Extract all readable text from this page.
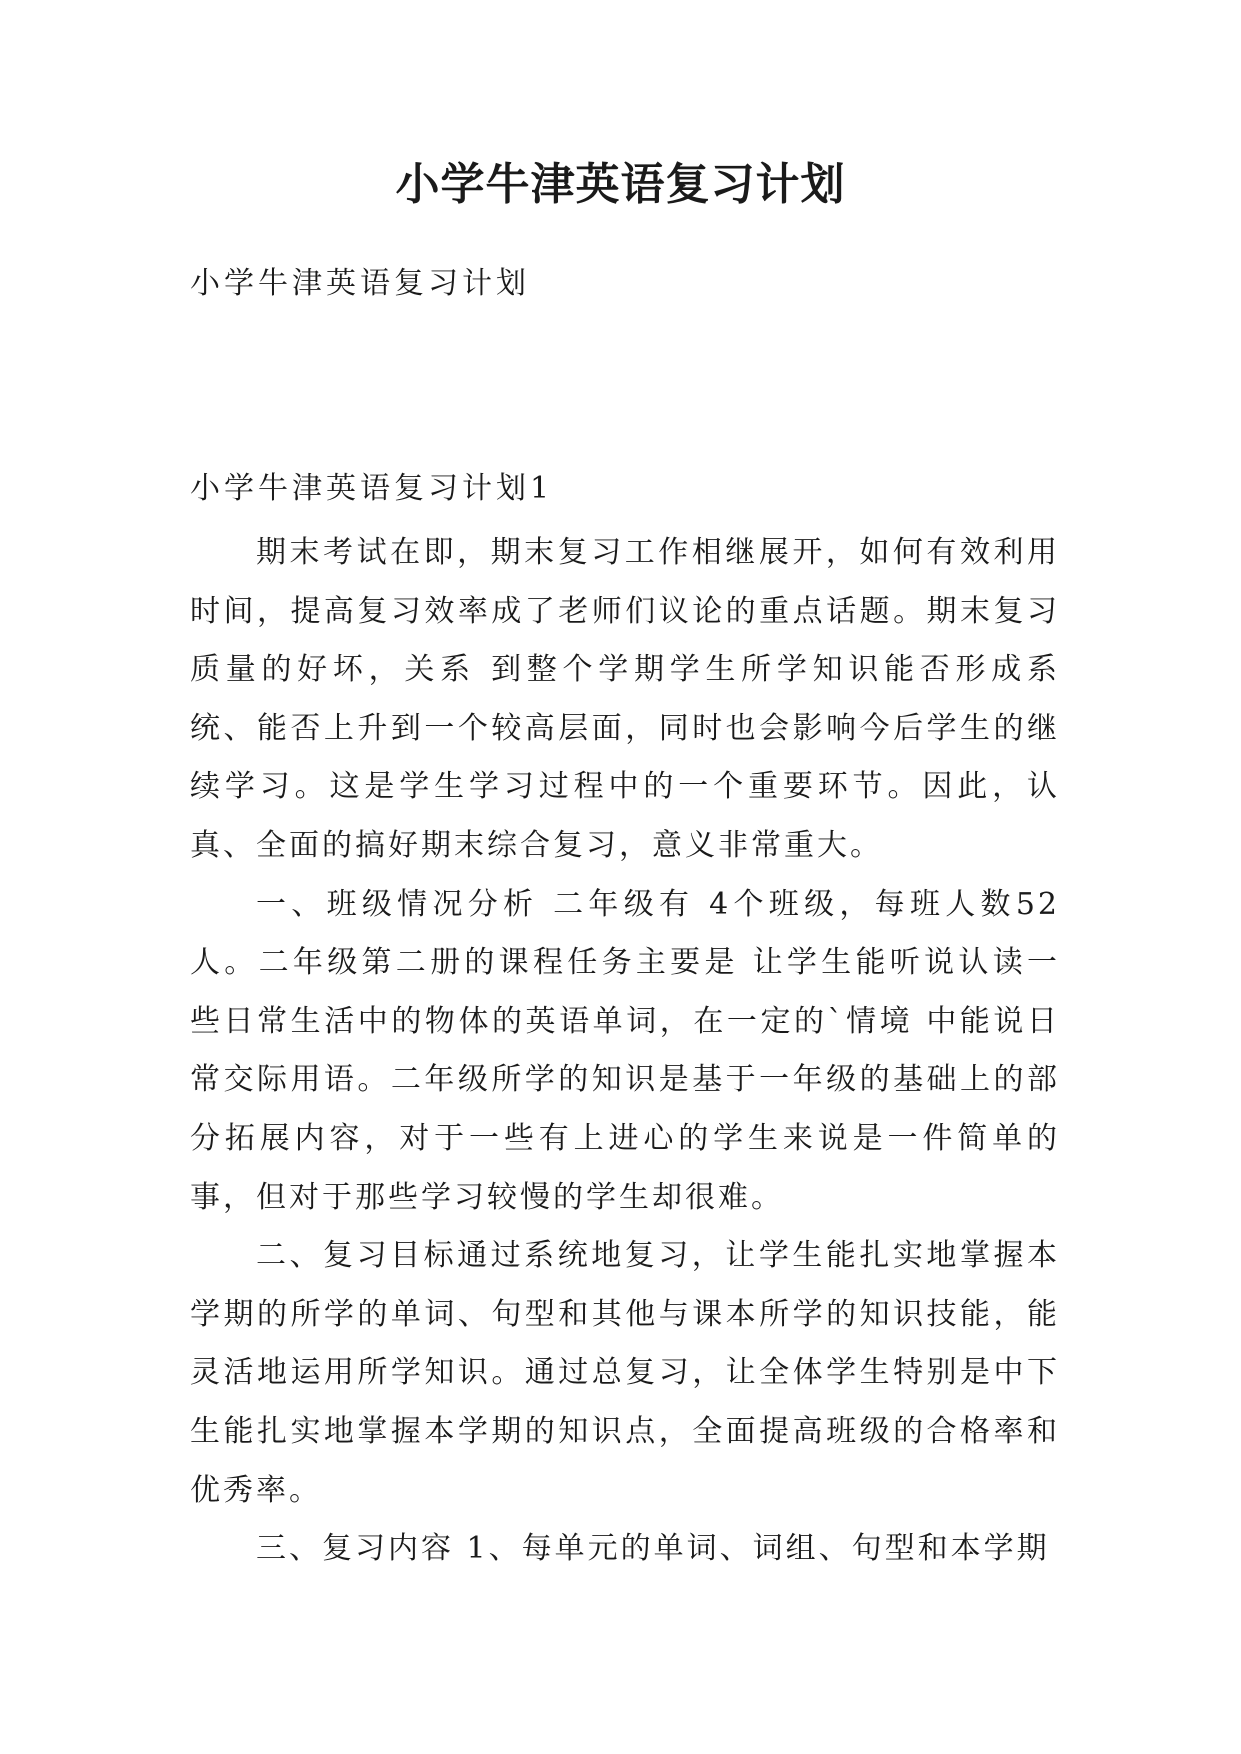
小学牛津英语复习计划
小学牛津英语复习计划
小学牛津英语复习计划1

期末考试在即，期末复习工作相继展开，如何有效利用时间，提高复习效率成了老师们议论的重点话题。期末复习质量的好坏，关系 到整个学期学生所学知识能否形成系统、能否上升到一个较高层面，同时也会影响今后学生的继续学习。这是学生学习过程中的一个重要环节。因此，认真、全面的搞好期末综合复习，意义非常重大。

一、班级情况分析 二年级有 4个班级，每班人数52人。二年级第二册的课程任务主要是 让学生能听说认读一些日常生活中的物体的英语单词，在一定的`情境 中能说日常交际用语。二年级所学的知识是基于一年级的基础上的部分拓展内容，对于一些有上进心的学生来说是一件简单的事，但对于那些学习较慢的学生却很难。

二、复习目标通过系统地复习，让学生能扎实地掌握本学期的所学的单词、句型和其他与课本所学的知识技能，能灵活地运用所学知识。通过总复习，让全体学生特别是中下生能扎实地掌握本学期的知识点，全面提高班级的合格率和优秀率。

三、复习内容 1、每单元的单词、词组、句型和本学期
